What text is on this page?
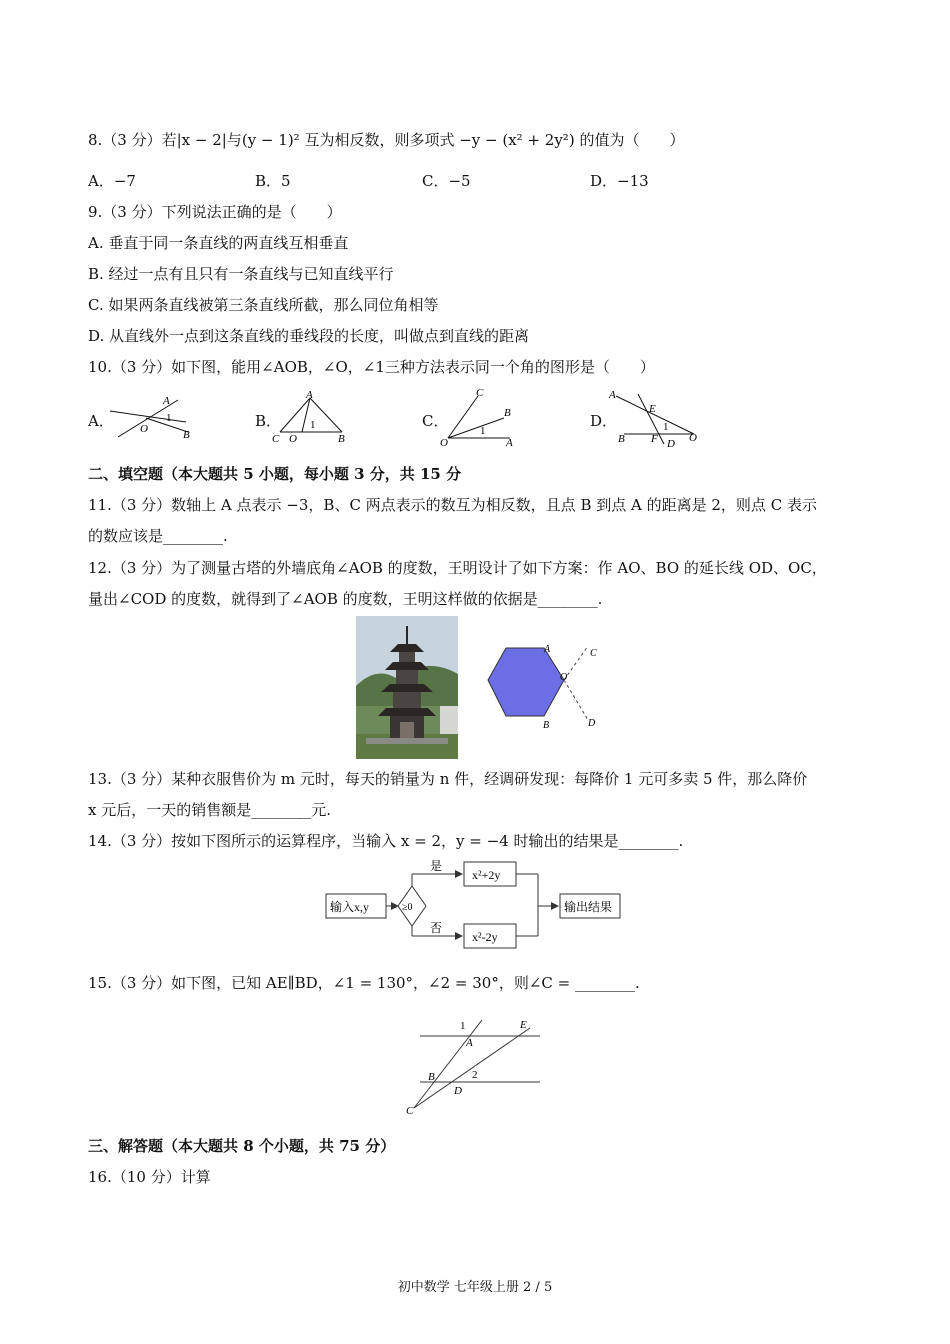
8.（3 分）若|x − 2|与(y − 1)² 互为相反数，则多项式 −y − (x² + 2y²) 的值为（　　）
A．−7	B．5	C．−5	D．−13
9.（3 分）下列说法正确的是（　　）
A. 垂直于同一条直线的两直线互相垂直
B. 经过一点有且只有一条直线与已知直线平行
C. 如果两条直线被第三条直线所截，那么同位角相等
D. 从直线外一点到这条直线的垂线段的长度，叫做点到直线的距离
10.（3 分）如下图，能用∠AOB，∠O，∠1三种方法表示同一个角的图形是（　　）
A．	B．	C．	D．
A
1
O	B
A
1
C O	B
C
B
1
O	A
A
E
1
B F D O
二、填空题（本大题共 5 小题，每小题 3 分，共 15 分
11.（3 分）数轴上 A 点表示 −3，B、C 两点表示的数互为相反数，且点 B 到点 A 的距离是 2，则点 C 表示
的数应该是________.
12.（3 分）为了测量古塔的外墙底角∠AOB 的度数，王明设计了如下方案：作 AO、BO 的延长线 OD、OC，
量出∠COD 的度数，就得到了∠AOB 的度数，王明这样做的依据是________.
A
O
B
C
D
13.（3 分）某种衣服售价为 m 元时，每天的销量为 n 件，经调研发现：每降价 1 元可多卖 5 件，那么降价
x 元后，一天的销售额是________元.
14.（3 分）按如下图所示的运算程序，当输入 x = 2，y = −4 时输出的结果是________.
输入x,y	≥0
是
否
x²+2y
x²-2y
输出结果
15.（3 分）如下图，已知 AE∥BD，∠1 = 130°，∠2 = 30°，则∠C = ________.
1	E
A
B	2
D
C
三、解答题（本大题共 8 个小题，共 75 分）
16.（10 分）计算
初中数学 七年级上册 2 / 5
